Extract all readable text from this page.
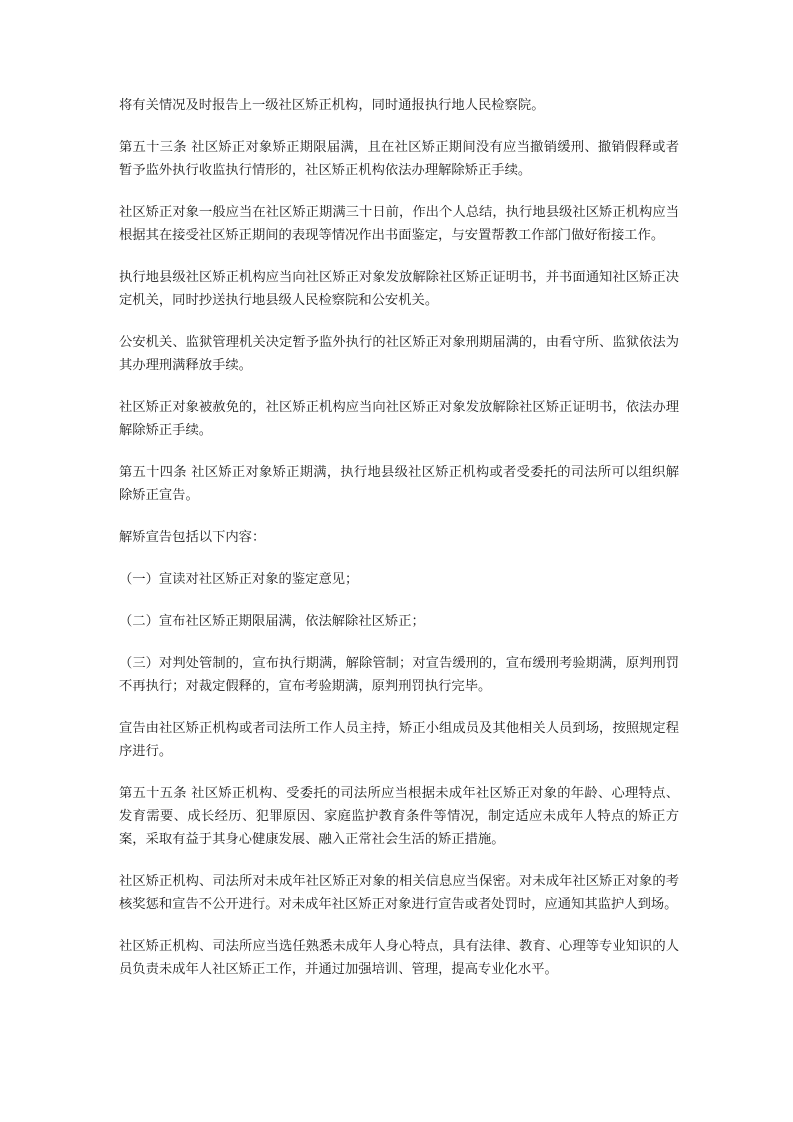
将有关情况及时报告上一级社区矫正机构，同时通报执行地人民检察院。

第五十三条 社区矫正对象矫正期限届满，且在社区矫正期间没有应当撤销缓刑、撤销假释或者暂予监外执行收监执行情形的，社区矫正机构依法办理解除矫正手续。

社区矫正对象一般应当在社区矫正期满三十日前，作出个人总结，执行地县级社区矫正机构应当根据其在接受社区矫正期间的表现等情况作出书面鉴定，与安置帮教工作部门做好衔接工作。

执行地县级社区矫正机构应当向社区矫正对象发放解除社区矫正证明书，并书面通知社区矫正决定机关，同时抄送执行地县级人民检察院和公安机关。

公安机关、监狱管理机关决定暂予监外执行的社区矫正对象刑期届满的，由看守所、监狱依法为其办理刑满释放手续。

社区矫正对象被赦免的，社区矫正机构应当向社区矫正对象发放解除社区矫正证明书，依法办理解除矫正手续。

第五十四条 社区矫正对象矫正期满，执行地县级社区矫正机构或者受委托的司法所可以组织解除矫正宣告。

解矫宣告包括以下内容：

（一）宣读对社区矫正对象的鉴定意见；

（二）宣布社区矫正期限届满，依法解除社区矫正；

（三）对判处管制的，宣布执行期满，解除管制；对宣告缓刑的，宣布缓刑考验期满，原判刑罚不再执行；对裁定假释的，宣布考验期满，原判刑罚执行完毕。

宣告由社区矫正机构或者司法所工作人员主持，矫正小组成员及其他相关人员到场，按照规定程序进行。

第五十五条 社区矫正机构、受委托的司法所应当根据未成年社区矫正对象的年龄、心理特点、发育需要、成长经历、犯罪原因、家庭监护教育条件等情况，制定适应未成年人特点的矫正方案，采取有益于其身心健康发展、融入正常社会生活的矫正措施。

社区矫正机构、司法所对未成年社区矫正对象的相关信息应当保密。对未成年社区矫正对象的考核奖惩和宣告不公开进行。对未成年社区矫正对象进行宣告或者处罚时，应通知其监护人到场。

社区矫正机构、司法所应当选任熟悉未成年人身心特点，具有法律、教育、心理等专业知识的人员负责未成年人社区矫正工作，并通过加强培训、管理，提高专业化水平。
